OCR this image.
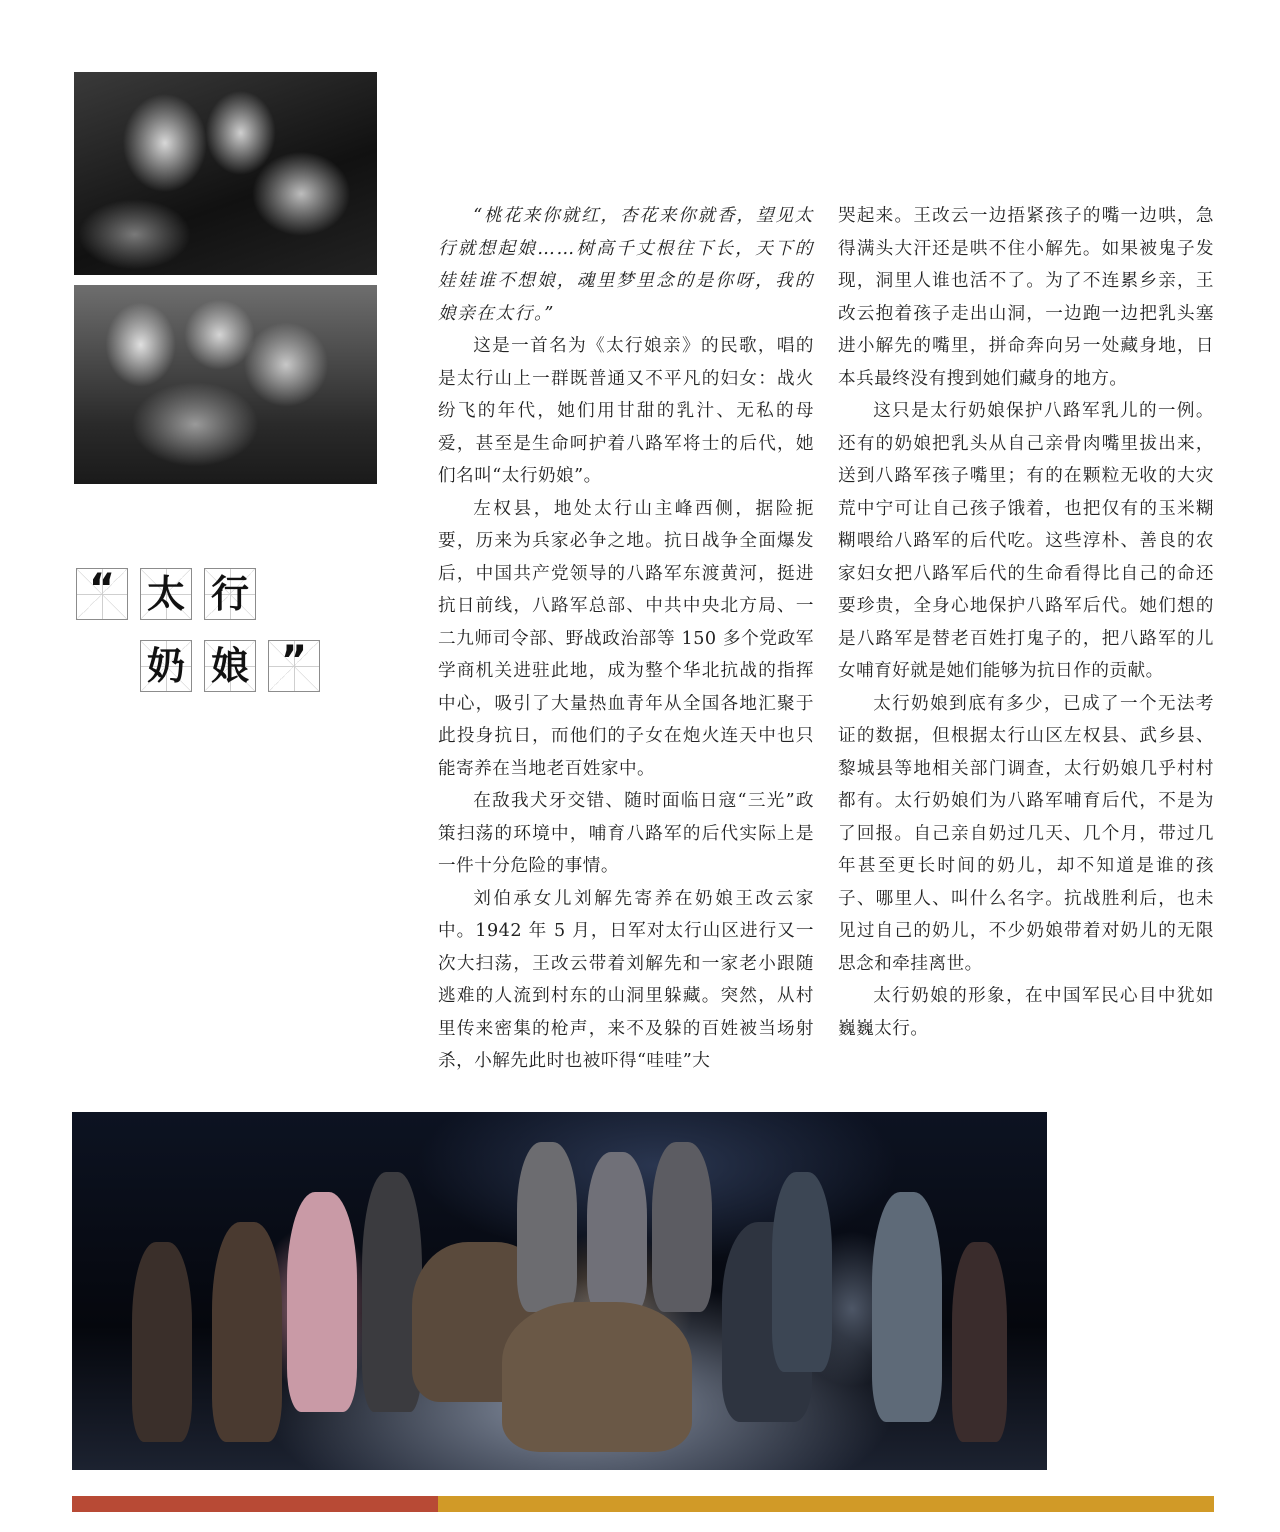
“ 太 行
奶 娘 ”

“桃花来你就红，杏花来你就香，望见太行就想起娘……树高千丈根往下长，天下的娃娃谁不想娘，魂里梦里念的是你呀，我的娘亲在太行。”

这是一首名为《太行娘亲》的民歌，唱的是太行山上一群既普通又不平凡的妇女：战火纷飞的年代，她们用甘甜的乳汁、无私的母爱，甚至是生命呵护着八路军将士的后代，她们名叫“太行奶娘”。

左权县，地处太行山主峰西侧，据险扼要，历来为兵家必争之地。抗日战争全面爆发后，中国共产党领导的八路军东渡黄河，挺进抗日前线，八路军总部、中共中央北方局、一二九师司令部、野战政治部等 150 多个党政军学商机关进驻此地，成为整个华北抗战的指挥中心，吸引了大量热血青年从全国各地汇聚于此投身抗日，而他们的子女在炮火连天中也只能寄养在当地老百姓家中。

在敌我犬牙交错、随时面临日寇“三光”政策扫荡的环境中，哺育八路军的后代实际上是一件十分危险的事情。

刘伯承女儿刘解先寄养在奶娘王改云家中。1942 年 5 月，日军对太行山区进行又一次大扫荡，王改云带着刘解先和一家老小跟随逃难的人流到村东的山洞里躲藏。突然，从村里传来密集的枪声，来不及躲的百姓被当场射杀，小解先此时也被吓得“哇哇”大

哭起来。王改云一边捂紧孩子的嘴一边哄，急得满头大汗还是哄不住小解先。如果被鬼子发现，洞里人谁也活不了。为了不连累乡亲，王改云抱着孩子走出山洞，一边跑一边把乳头塞进小解先的嘴里，拼命奔向另一处藏身地，日本兵最终没有搜到她们藏身的地方。

这只是太行奶娘保护八路军乳儿的一例。还有的奶娘把乳头从自己亲骨肉嘴里拔出来，送到八路军孩子嘴里；有的在颗粒无收的大灾荒中宁可让自己孩子饿着，也把仅有的玉米糊糊喂给八路军的后代吃。这些淳朴、善良的农家妇女把八路军后代的生命看得比自己的命还要珍贵，全身心地保护八路军后代。她们想的是八路军是替老百姓打鬼子的，把八路军的儿女哺育好就是她们能够为抗日作的贡献。

太行奶娘到底有多少，已成了一个无法考证的数据，但根据太行山区左权县、武乡县、黎城县等地相关部门调查，太行奶娘几乎村村都有。太行奶娘们为八路军哺育后代，不是为了回报。自己亲自奶过几天、几个月，带过几年甚至更长时间的奶儿，却不知道是谁的孩子、哪里人、叫什么名字。抗战胜利后，也未见过自己的奶儿，不少奶娘带着对奶儿的无限思念和牵挂离世。

太行奶娘的形象，在中国军民心目中犹如巍巍太行。
